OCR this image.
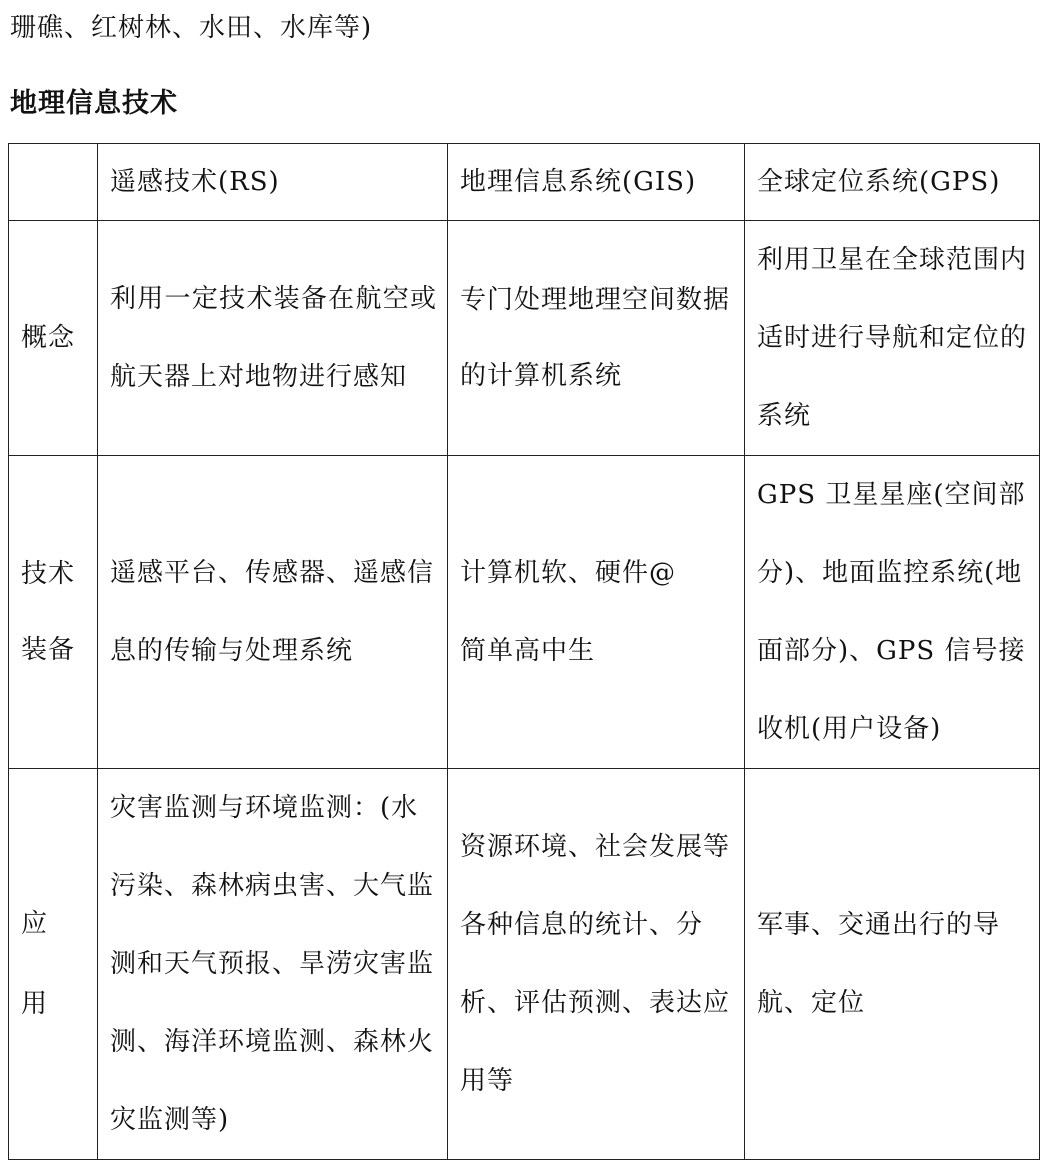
珊礁、红树林、水田、水库等)
地理信息技术

	遥感技术(RS)	地理信息系统(GIS)	全球定位系统(GPS)

概念	利用一定技术装备在航空或航天器上对地物进行感知	专门处理地理空间数据的计算机系统	利用卫星在全球范围内适时进行导航和定位的系统

技术装备	遥感平台、传感器、遥感信息的传输与处理系统	计算机软、硬件@简单高中生	GPS 卫星星座(空间部分)、地面监控系统(地面部分)、GPS 信号接收机(用户设备)

应用	灾害监测与环境监测：(水污染、森林病虫害、大气监测和天气预报、旱涝灾害监测、海洋环境监测、森林火灾监测等)	资源环境、社会发展等各种信息的统计、分析、评估预测、表达应用等	军事、交通出行的导航、定位
